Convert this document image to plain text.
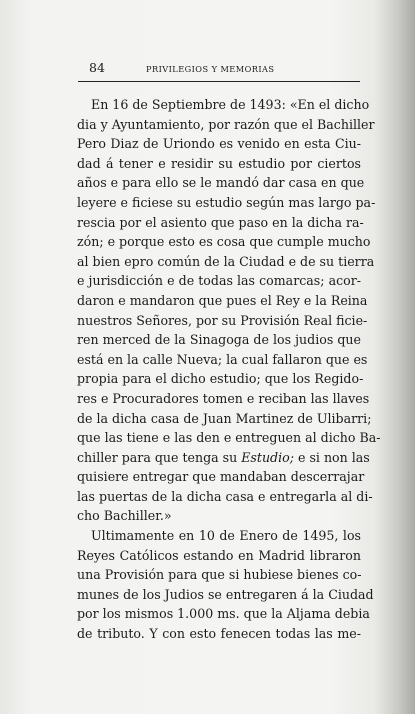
84	PRIVILEGIOS Y MEMORIAS
En 16 de Septiembre de 1493: «En el dicho
dia y Ayuntamiento, por razón que el Bachiller
Pero Diaz de Uriondo es venido en esta Ciu-
dad á tener e residir su estudio por ciertos
años e para ello se le mandó dar casa en que
leyere e ficiese su estudio según mas largo pa-
rescia por el asiento que paso en la dicha ra-
zón; e porque esto es cosa que cumple mucho
al bien epro común de la Ciudad e de su tierra
e jurisdicción e de todas las comarcas; acor-
daron e mandaron que pues el Rey e la Reina
nuestros Señores, por su Provisión Real ficie-
ren merced de la Sinagoga de los judios que
está en la calle Nueva; la cual fallaron que es
propia para el dicho estudio; que los Regido-
res e Procuradores tomen e reciban las llaves
de la dicha casa de Juan Martinez de Ulibarri;
que las tiene e las den e entreguen al dicho Ba-
chiller para que tenga su Estudio; e si non las
quisiere entregar que mandaban descerrajar
las puertas de la dicha casa e entregarla al di-
cho Bachiller.»
Ultimamente en 10 de Enero de 1495, los
Reyes Católicos estando en Madrid libraron
una Provisión para que si hubiese bienes co-
munes de los Judios se entregaren á la Ciudad
por los mismos 1.000 ms. que la Aljama debia
de tributo. Y con esto fenecen todas las me-
